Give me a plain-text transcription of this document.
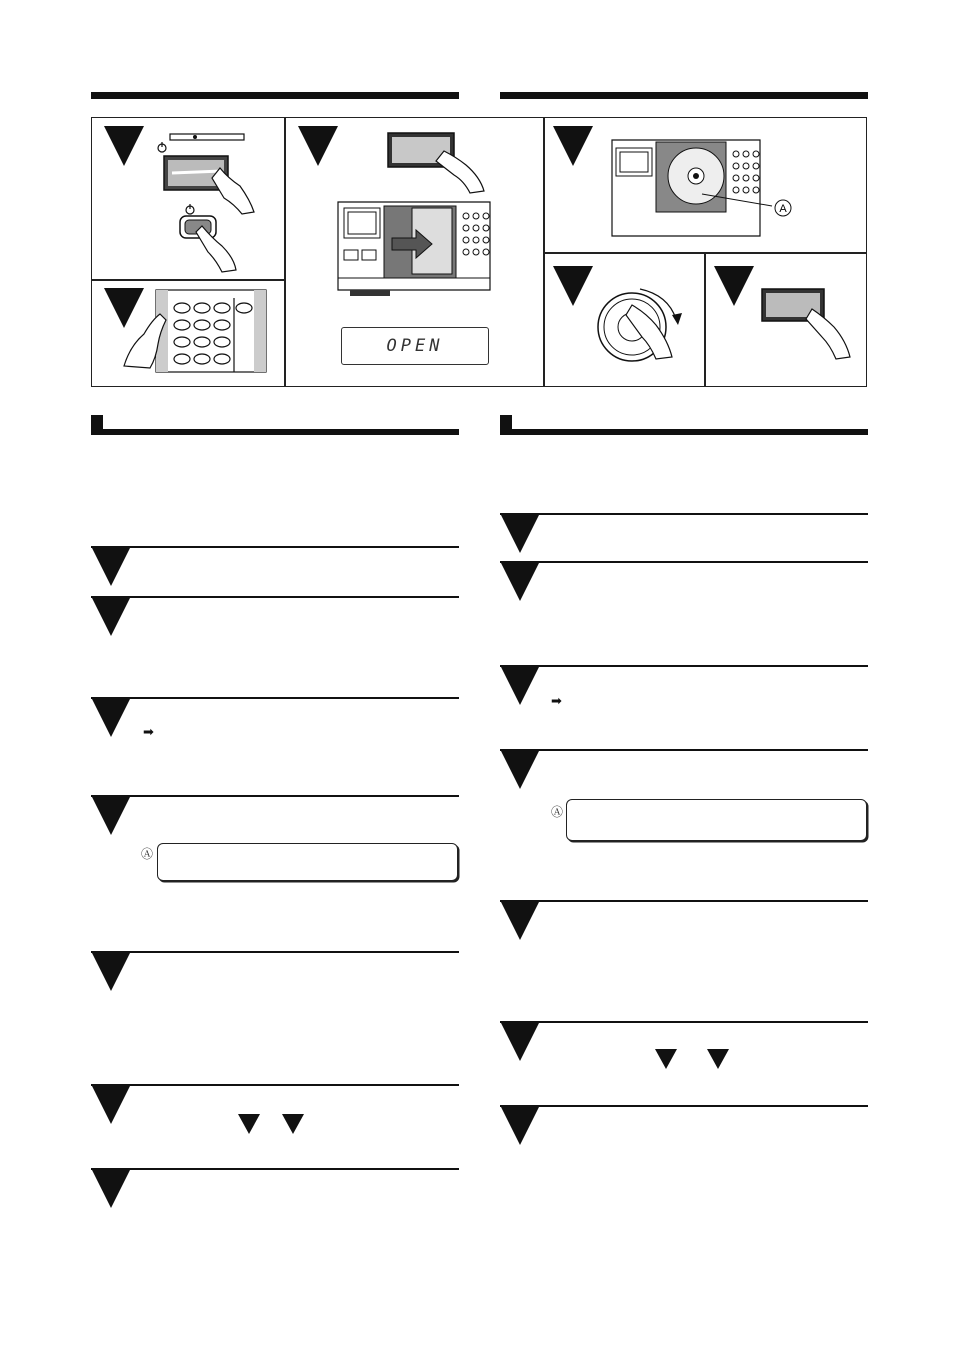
OPEN
A
➡
Ⓐ
➡
Ⓐ
